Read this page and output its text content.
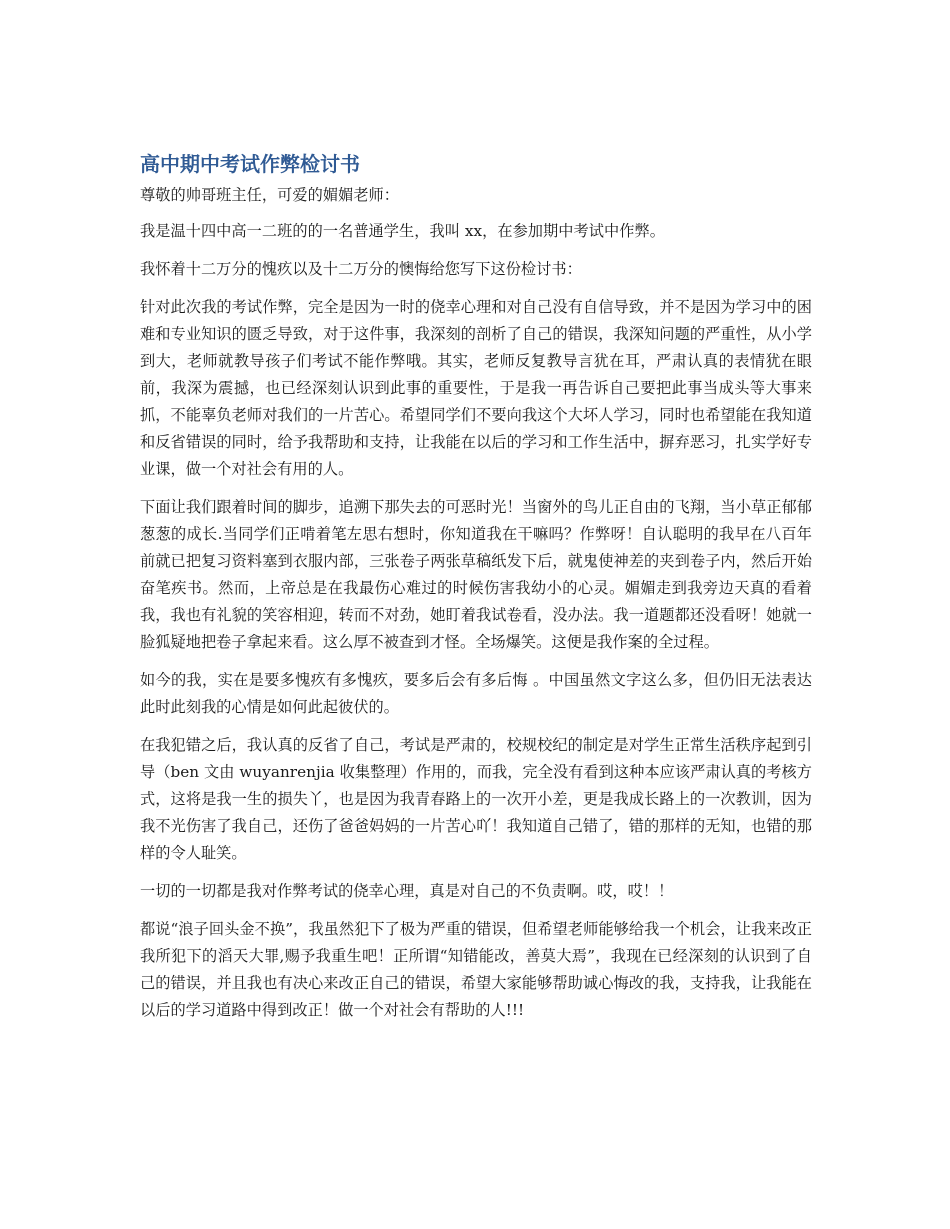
高中期中考试作弊检讨书

尊敬的帅哥班主任，可爱的媚媚老师：

我是温十四中高一二班的的一名普通学生，我叫 xx，在参加期中考试中作弊。

我怀着十二万分的愧疚以及十二万分的懊悔给您写下这份检讨书：

针对此次我的考试作弊，完全是因为一时的侥幸心理和对自己没有自信导致，并不是因为学习中的困难和专业知识的匮乏导致，对于这件事，我深刻的剖析了自己的错误，我深知问题的严重性，从小学到大，老师就教导孩子们考试不能作弊哦。其实，老师反复教导言犹在耳，严肃认真的表情犹在眼前，我深为震撼，也已经深刻认识到此事的重要性，于是我一再告诉自己要把此事当成头等大事来抓，不能辜负老师对我们的一片苦心。希望同学们不要向我这个大坏人学习，同时也希望能在我知道和反省错误的同时，给予我帮助和支持，让我能在以后的学习和工作生活中，摒弃恶习，扎实学好专业课，做一个对社会有用的人。

下面让我们跟着时间的脚步，追溯下那失去的可恶时光！当窗外的鸟儿正自由的飞翔，当小草正郁郁葱葱的成长.当同学们正啃着笔左思右想时，你知道我在干嘛吗？作弊呀！自认聪明的我早在八百年前就已把复习资料塞到衣服内部，三张卷子两张草稿纸发下后，就鬼使神差的夹到卷子内，然后开始奋笔疾书。然而，上帝总是在我最伤心难过的时候伤害我幼小的心灵。媚媚走到我旁边天真的看着我，我也有礼貌的笑容相迎，转而不对劲，她盯着我试卷看，没办法。我一道题都还没看呀！她就一脸狐疑地把卷子拿起来看。这么厚不被查到才怪。全场爆笑。这便是我作案的全过程。

如今的我，实在是要多愧疚有多愧疚，要多后会有多后悔 。中国虽然文字这么多，但仍旧无法表达此时此刻我的心情是如何此起彼伏的。

在我犯错之后，我认真的反省了自己，考试是严肃的，校规校纪的制定是对学生正常生活秩序起到引导（ben 文由 wuyanrenjia 收集整理）作用的，而我，完全没有看到这种本应该严肃认真的考核方式，这将是我一生的损失丫，也是因为我青春路上的一次开小差，更是我成长路上的一次教训，因为我不光伤害了我自己，还伤了爸爸妈妈的一片苦心吖！我知道自己错了，错的那样的无知，也错的那样的令人耻笑。

一切的一切都是我对作弊考试的侥幸心理，真是对自己的不负责啊。哎，哎！！

都说“浪子回头金不换”，我虽然犯下了极为严重的错误，但希望老师能够给我一个机会，让我来改正我所犯下的滔天大罪,赐予我重生吧！正所谓“知错能改，善莫大焉”，我现在已经深刻的认识到了自己的错误，并且我也有决心来改正自己的错误，希望大家能够帮助诚心悔改的我，支持我，让我能在以后的学习道路中得到改正！做一个对社会有帮助的人!!!
